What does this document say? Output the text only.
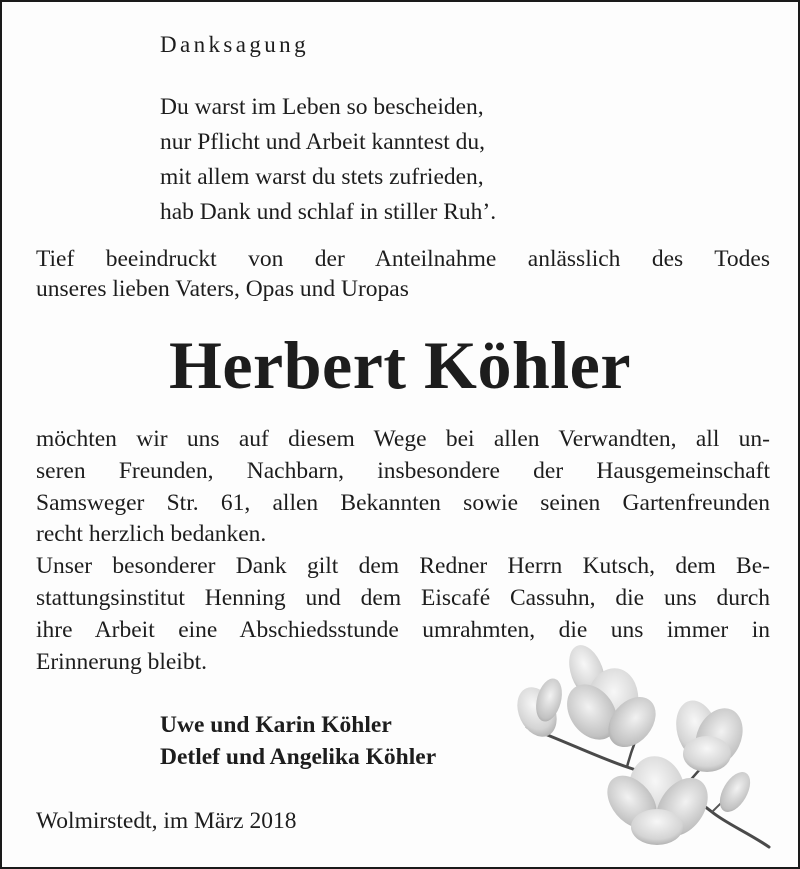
Danksagung
Du warst im Leben so bescheiden,
nur Pflicht und Arbeit kanntest du,
mit allem warst du stets zufrieden,
hab Dank und schlaf in stiller Ruh’.
Tief beeindruckt von der Anteilnahme anlässlich des Todes
unseres lieben Vaters, Opas und Uropas
Herbert Köhler
möchten wir uns auf diesem Wege bei allen Verwandten, all un-
seren Freunden, Nachbarn, insbesondere der Hausgemeinschaft
Samsweger Str. 61, allen Bekannten sowie seinen Gartenfreunden
recht herzlich bedanken.
Unser besonderer Dank gilt dem Redner Herrn Kutsch, dem Be-
stattungsinstitut Henning und dem Eiscafé Cassuhn, die uns durch
ihre Arbeit eine Abschiedsstunde umrahmten, die uns immer in
Erinnerung bleibt.
Uwe und Karin Köhler
Detlef und Angelika Köhler
Wolmirstedt, im März 2018
